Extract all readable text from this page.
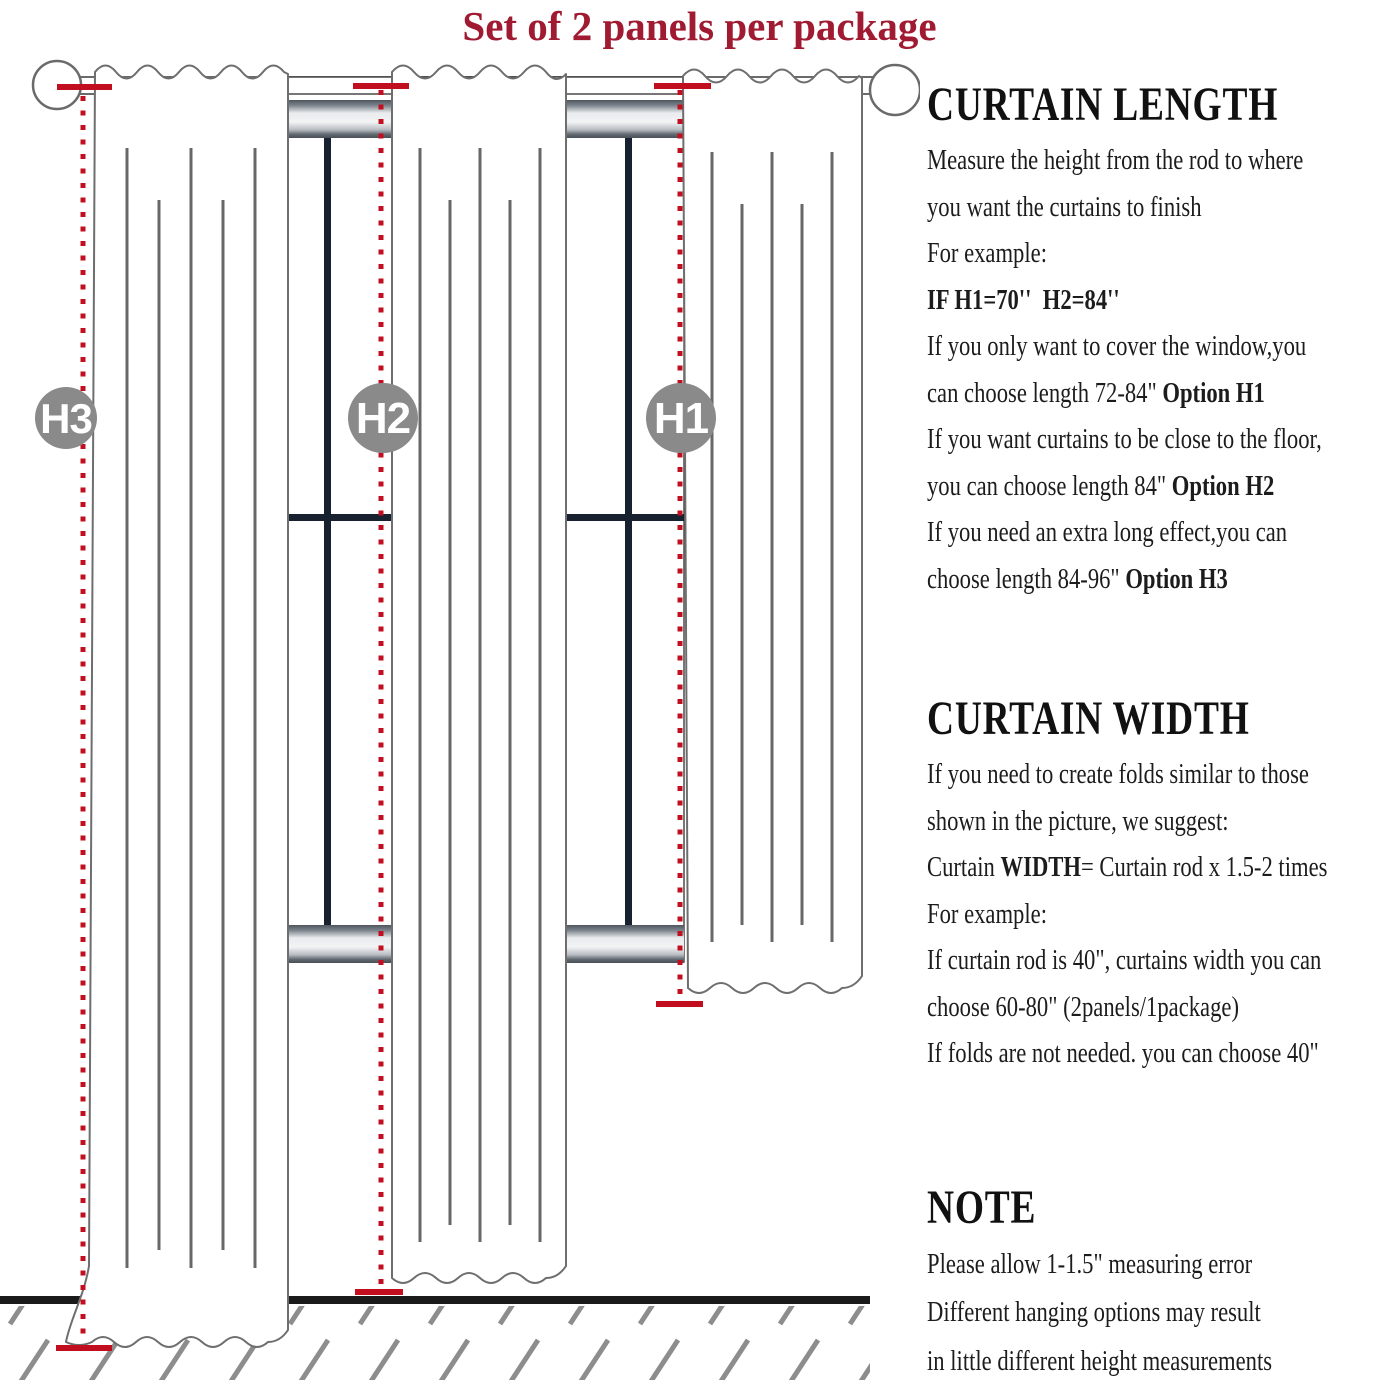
Set of 2 panels per package
H3	H2	H1
CURTAIN LENGTH

Measure the height from the rod to where

you want the curtains to finish

For example:

IF H1=70''  H2=84''

If you only want to cover the window,you

can choose length 72-84" Option H1

If you want curtains to be close to the floor,

you can choose length 84" Option H2

If you need an extra long effect,you can

choose length 84-96" Option H3

CURTAIN WIDTH

If you need to create folds similar to those

shown in the picture, we suggest:

Curtain WIDTH= Curtain rod x 1.5-2 times

For example:

If curtain rod is 40", curtains width you can

choose 60-80" (2panels/1package)

If folds are not needed. you can choose 40"

NOTE

Please allow 1-1.5" measuring error

Different hanging options may result

in little different height measurements
